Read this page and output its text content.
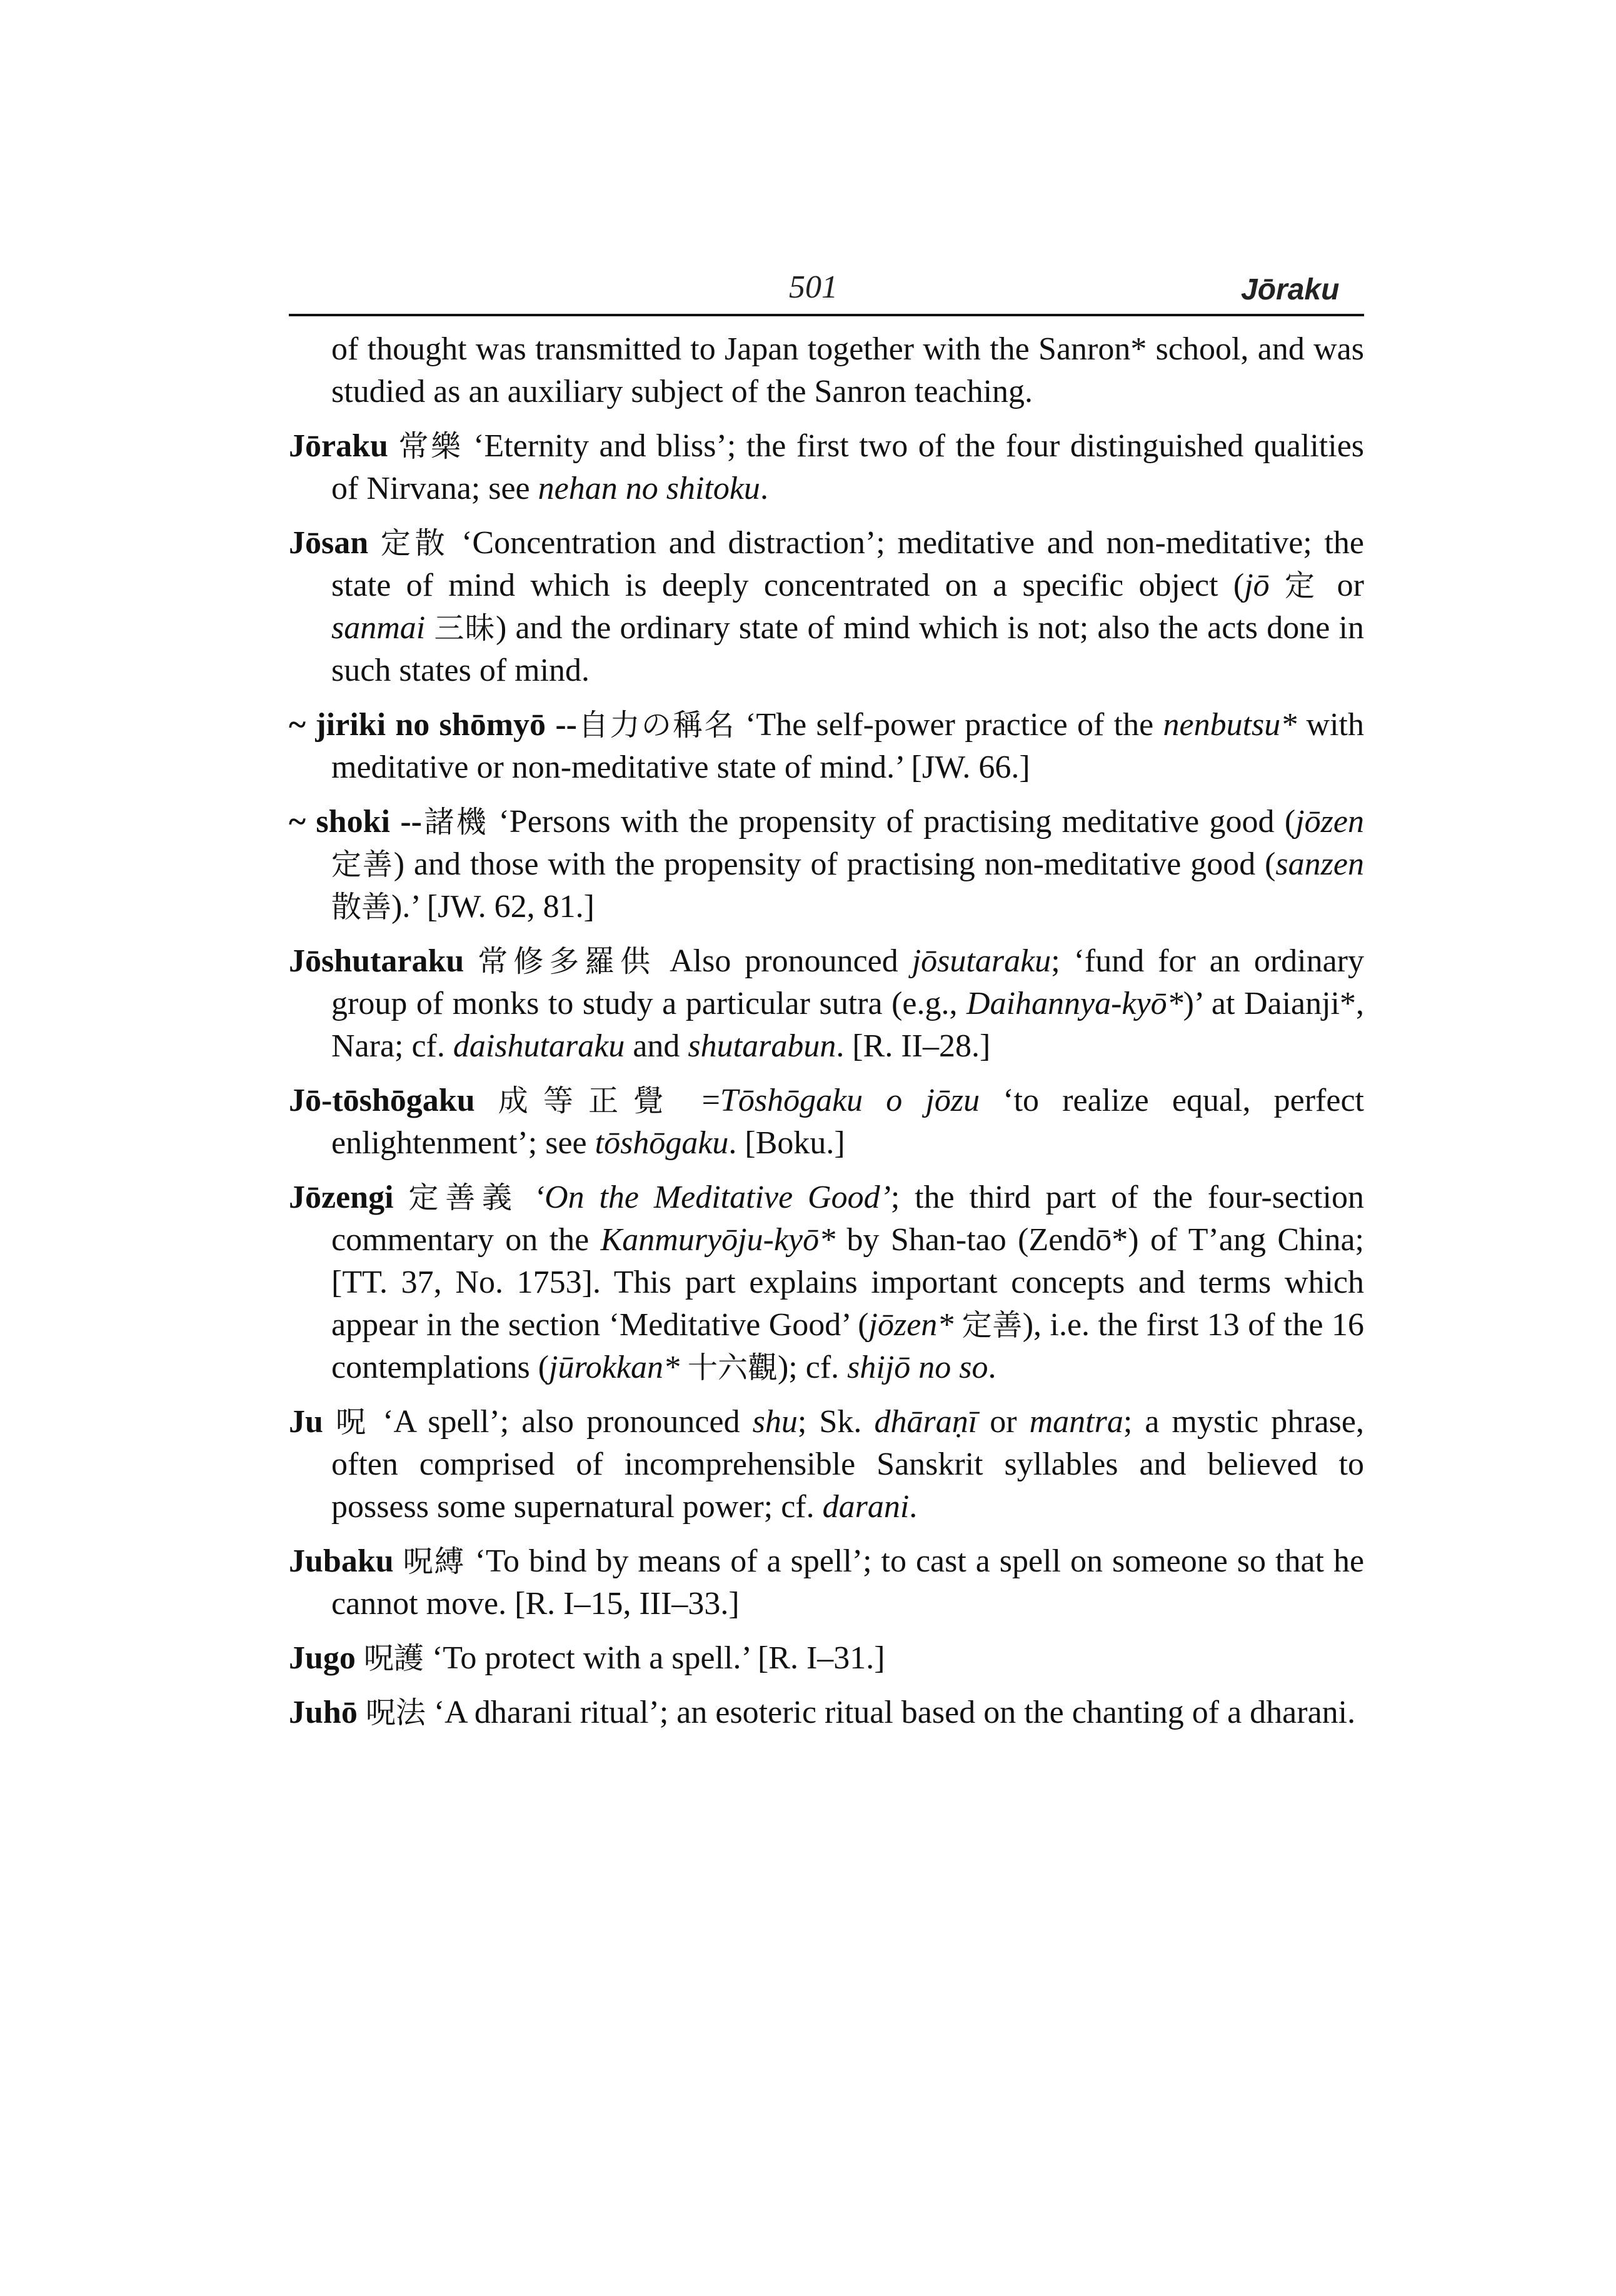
501	Jōraku

of thought was transmitted to Japan together with the Sanron* school, and was studied as an auxiliary subject of the Sanron teaching.

Jōraku 常樂 ‘Eternity and bliss’; the first two of the four distinguished qualities of Nirvana; see nehan no shitoku.

Jōsan 定散 ‘Concentration and distraction’; meditative and non-meditative; the state of mind which is deeply concentrated on a specific object (jō 定 or sanmai 三昧) and the ordinary state of mind which is not; also the acts done in such states of mind.

~ jiriki no shōmyō --自力の稱名 ‘The self-power practice of the nenbutsu* with meditative or non-meditative state of mind.’ [JW. 66.]

~ shoki --諸機 ‘Persons with the propensity of practising meditative good (jōzen 定善) and those with the propensity of practising non-meditative good (sanzen 散善).’ [JW. 62, 81.]

Jōshutaraku 常修多羅供 Also pronounced jōsutaraku; ‘fund for an ordinary group of monks to study a particular sutra (e.g., Daihannya-kyō*)’ at Daianji*, Nara; cf. daishutaraku and shutarabun. [R. II–28.]

Jō-tōshōgaku 成等正覺 =Tōshōgaku o jōzu ‘to realize equal, perfect enlightenment’; see tōshōgaku. [Boku.]

Jōzengi 定善義 ‘On the Meditative Good’; the third part of the four-section commentary on the Kanmuryōju-kyō* by Shan-tao (Zendō*) of T’ang China; [TT. 37, No. 1753]. This part explains important concepts and terms which appear in the section ‘Meditative Good’ (jōzen* 定善), i.e. the first 13 of the 16 contemplations (jūrokkan* 十六觀); cf. shijō no so.

Ju 呪 ‘A spell’; also pronounced shu; Sk. dhāraṇī or mantra; a mystic phrase, often comprised of incomprehensible Sanskrit syllables and believed to possess some supernatural power; cf. darani.

Jubaku 呪縛 ‘To bind by means of a spell’; to cast a spell on someone so that he cannot move. [R. I–15, III–33.]

Jugo 呪護 ‘To protect with a spell.’ [R. I–31.]

Juhō 呪法 ‘A dharani ritual’; an esoteric ritual based on the chanting of a dharani.
